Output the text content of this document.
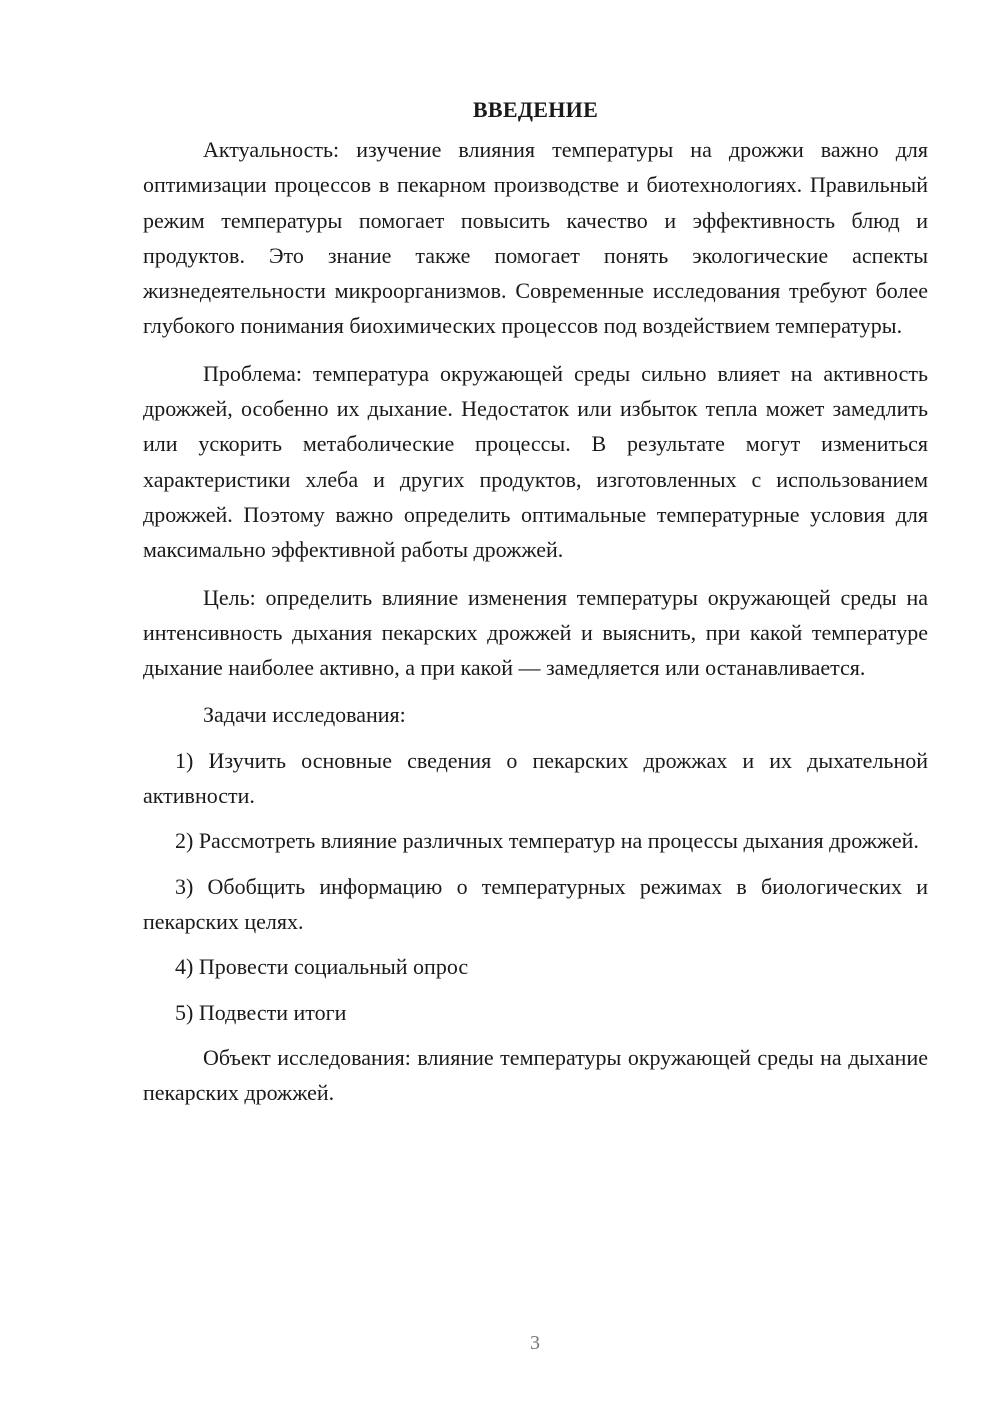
ВВЕДЕНИЕ

Актуальность: изучение влияния температуры на дрожжи важно для оптимизации процессов в пекарном производстве и биотехнологиях. Правильный режим температуры помогает повысить качество и эффективность блюд и продуктов. Это знание также помогает понять экологические аспекты жизнедеятельности микроорганизмов. Современные исследования требуют более глубокого понимания биохимических процессов под воздействием температуры.

Проблема: температура окружающей среды сильно влияет на активность дрожжей, особенно их дыхание. Недостаток или избыток тепла может замедлить или ускорить метаболические процессы. В результате могут измениться характеристики хлеба и других продуктов, изготовленных с использованием дрожжей. Поэтому важно определить оптимальные температурные условия для максимально эффективной работы дрожжей.

Цель: определить влияние изменения температуры окружающей среды на интенсивность дыхания пекарских дрожжей и выяснить, при какой температуре дыхание наиболее активно, а при какой — замедляется или останавливается.

Задачи исследования:

1) Изучить основные сведения о пекарских дрожжах и их дыхательной активности.

2) Рассмотреть влияние различных температур на процессы дыхания дрожжей.

3) Обобщить информацию о температурных режимах в биологических и пекарских целях.

4) Провести социальный опрос

5) Подвести итоги

Объект исследования: влияние температуры окружающей среды на дыхание пекарских дрожжей.

3
